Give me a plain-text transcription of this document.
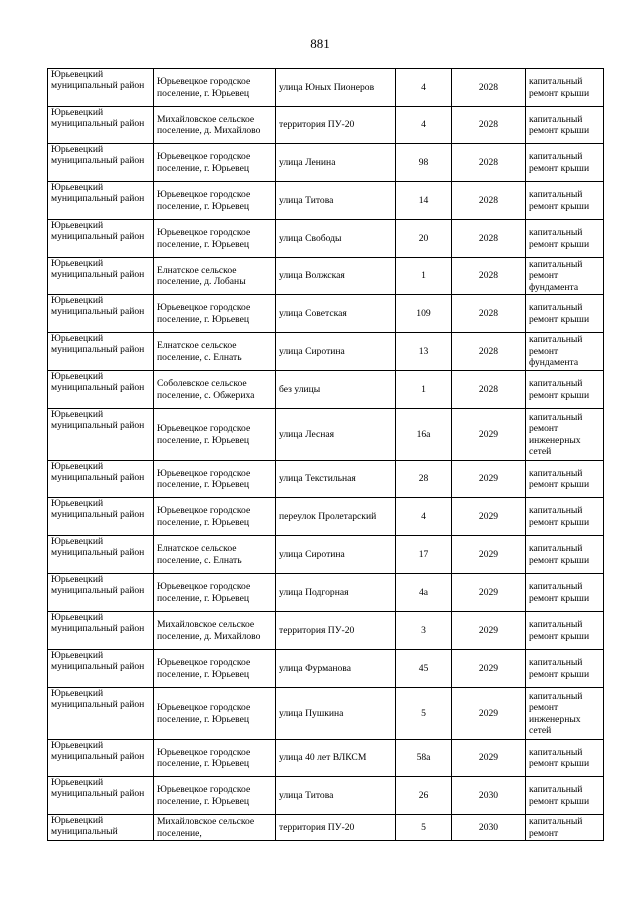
881
Юрьевецкий муниципальный район	Юрьевецкое городское поселение, г. Юрьевец	улица Юных Пионеров	4	2028	капитальный ремонт крыши
Юрьевецкий муниципальный район	Михайловское сельское поселение, д. Михайлово	территория ПУ-20	4	2028	капитальный ремонт крыши
Юрьевецкий муниципальный район	Юрьевецкое городское поселение, г. Юрьевец	улица Ленина	98	2028	капитальный ремонт крыши
Юрьевецкий муниципальный район	Юрьевецкое городское поселение, г. Юрьевец	улица Титова	14	2028	капитальный ремонт крыши
Юрьевецкий муниципальный район	Юрьевецкое городское поселение, г. Юрьевец	улица Свободы	20	2028	капитальный ремонт крыши
Юрьевецкий муниципальный район	Елнатское сельское поселение, д. Лобаны	улица Волжская	1	2028	капитальный ремонт фундамента
Юрьевецкий муниципальный район	Юрьевецкое городское поселение, г. Юрьевец	улица Советская	109	2028	капитальный ремонт крыши
Юрьевецкий муниципальный район	Елнатское сельское поселение, с. Елнать	улица Сиротина	13	2028	капитальный ремонт фундамента
Юрьевецкий муниципальный район	Соболевское сельское поселение, с. Обжериха	без улицы	1	2028	капитальный ремонт крыши
Юрьевецкий муниципальный район	Юрьевецкое городское поселение, г. Юрьевец	улица Лесная	16а	2029	капитальный ремонт инженерных сетей
Юрьевецкий муниципальный район	Юрьевецкое городское поселение, г. Юрьевец	улица Текстильная	28	2029	капитальный ремонт крыши
Юрьевецкий муниципальный район	Юрьевецкое городское поселение, г. Юрьевец	переулок Пролетарский	4	2029	капитальный ремонт крыши
Юрьевецкий муниципальный район	Елнатское сельское поселение, с. Елнать	улица Сиротина	17	2029	капитальный ремонт крыши
Юрьевецкий муниципальный район	Юрьевецкое городское поселение, г. Юрьевец	улица Подгорная	4а	2029	капитальный ремонт крыши
Юрьевецкий муниципальный район	Михайловское сельское поселение, д. Михайлово	территория ПУ-20	3	2029	капитальный ремонт крыши
Юрьевецкий муниципальный район	Юрьевецкое городское поселение, г. Юрьевец	улица Фурманова	45	2029	капитальный ремонт крыши
Юрьевецкий муниципальный район	Юрьевецкое городское поселение, г. Юрьевец	улица Пушкина	5	2029	капитальный ремонт инженерных сетей
Юрьевецкий муниципальный район	Юрьевецкое городское поселение, г. Юрьевец	улица 40 лет ВЛКСМ	58а	2029	капитальный ремонт крыши
Юрьевецкий муниципальный район	Юрьевецкое городское поселение, г. Юрьевец	улица Титова	26	2030	капитальный ремонт крыши
Юрьевецкий муниципальный	Михайловское сельское поселение,	территория ПУ-20	5	2030	капитальный ремонт
